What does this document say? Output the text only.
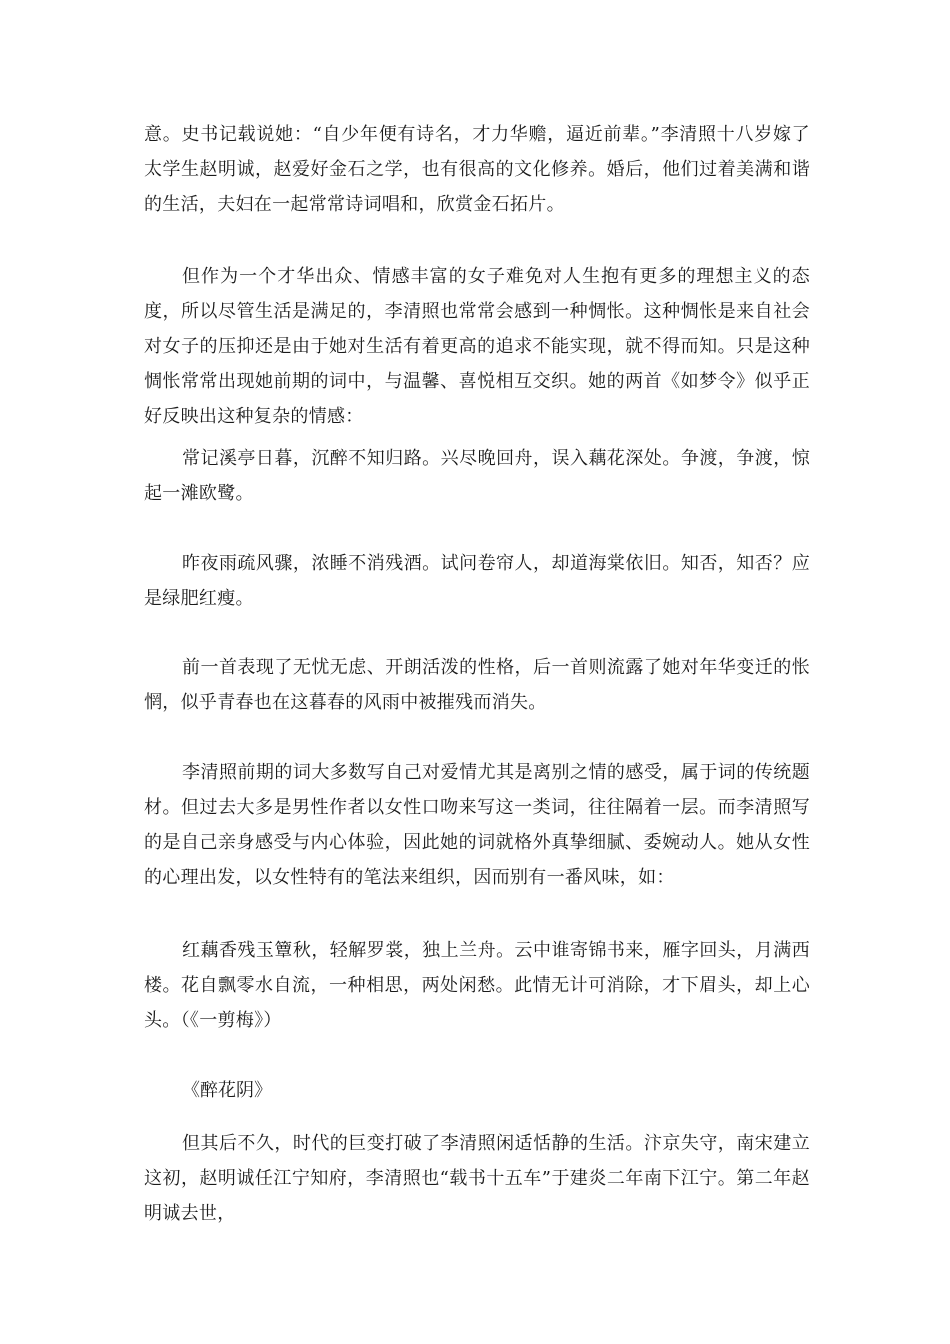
意。史书记载说她：“自少年便有诗名，才力华赡，逼近前辈。”李清照十八岁嫁了太学生赵明诚，赵爱好金石之学，也有很高的文化修养。婚后，他们过着美满和谐的生活，夫妇在一起常常诗词唱和，欣赏金石拓片。

但作为一个才华出众、情感丰富的女子难免对人生抱有更多的理想主义的态度，所以尽管生活是满足的，李清照也常常会感到一种惆怅。这种惆怅是来自社会对女子的压抑还是由于她对生活有着更高的追求不能实现，就不得而知。只是这种惆怅常常出现她前期的词中，与温馨、喜悦相互交织。她的两首《如梦令》似乎正好反映出这种复杂的情感：

常记溪亭日暮，沉醉不知归路。兴尽晚回舟，误入藕花深处。争渡，争渡，惊起一滩欧鹭。

昨夜雨疏风骤，浓睡不消残酒。试问卷帘人，却道海棠依旧。知否，知否？应是绿肥红瘦。

前一首表现了无忧无虑、开朗活泼的性格，后一首则流露了她对年华变迁的怅惘，似乎青春也在这暮春的风雨中被摧残而消失。

李清照前期的词大多数写自己对爱情尤其是离别之情的感受，属于词的传统题材。但过去大多是男性作者以女性口吻来写这一类词，往往隔着一层。而李清照写的是自己亲身感受与内心体验，因此她的词就格外真挚细腻、委婉动人。她从女性的心理出发，以女性特有的笔法来组织，因而别有一番风味，如：

红藕香残玉簟秋，轻解罗裳，独上兰舟。云中谁寄锦书来，雁字回头，月满西楼。花自飘零水自流，一种相思，两处闲愁。此情无计可消除，才下眉头，却上心头。（《一剪梅》）

《醉花阴》

但其后不久，时代的巨变打破了李清照闲适恬静的生活。汴京失守，南宋建立这初，赵明诚任江宁知府，李清照也“载书十五车”于建炎二年南下江宁。第二年赵明诚去世，
